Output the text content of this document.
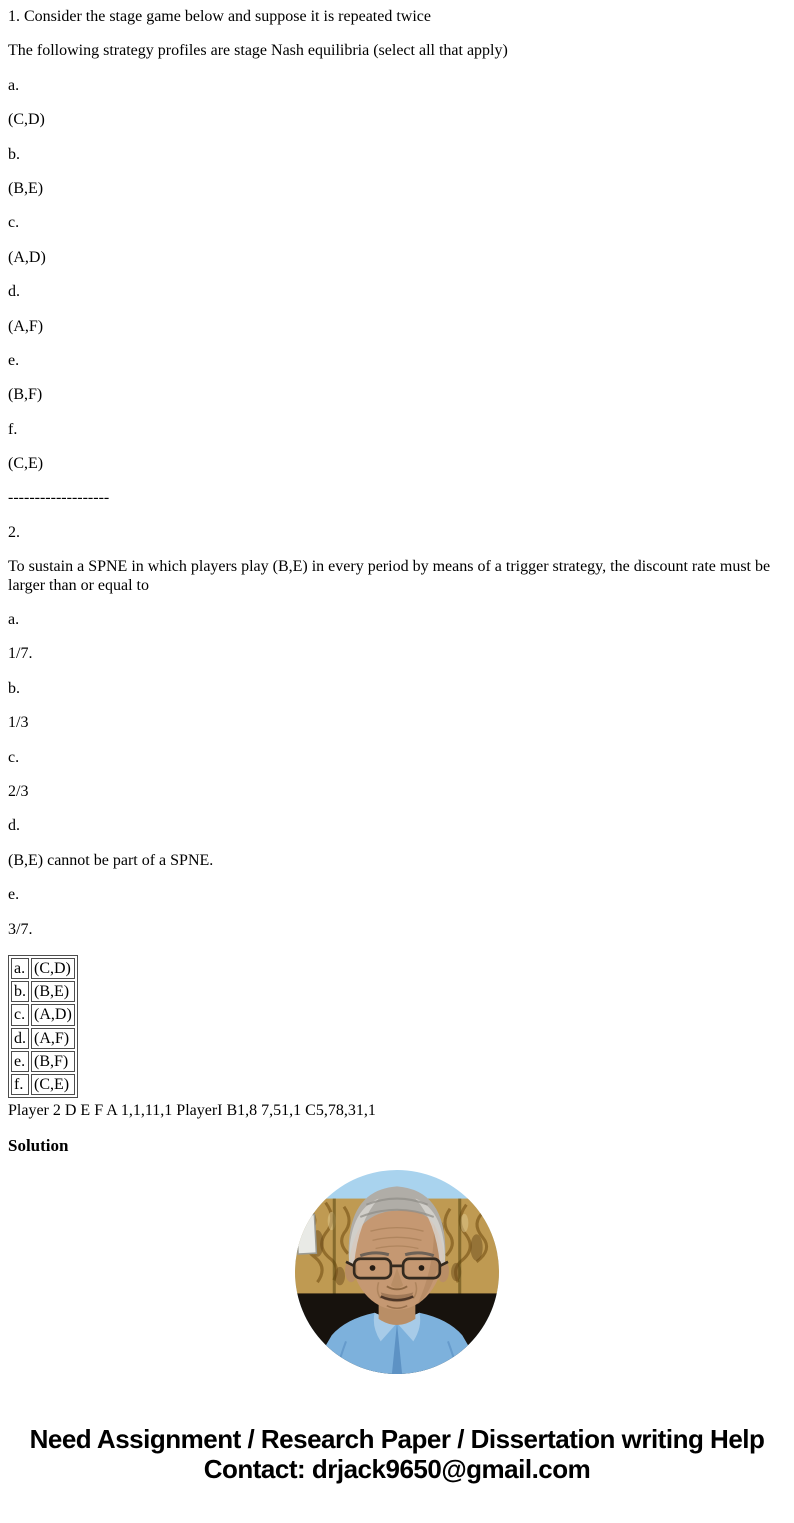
1. Consider the stage game below and suppose it is repeated twice

The following strategy profiles are stage Nash equilibria (select all that apply)

a.

(C,D)

b.

(B,E)

c.

(A,D)

d.

(A,F)

e.

(B,F)

f.

(C,E)

-------------------

2.

To sustain a SPNE in which players play (B,E) in every period by means of a trigger strategy, the discount rate must be larger than or equal to

a.

1/7.

b.

1/3

c.

2/3

d.

(B,E) cannot be part of a SPNE.

e.

3/7.

a.	(C,D)
b.	(B,E)
c.	(A,D)
d.	(A,F)
e.	(B,F)
f.	(C,E)

Player 2 D E F A 1,1,11,1 PlayerI B1,8 7,51,1 C5,78,31,1

Solution

Need Assignment / Research Paper / Dissertation writing Help

Contact: drjack9650@gmail.com
